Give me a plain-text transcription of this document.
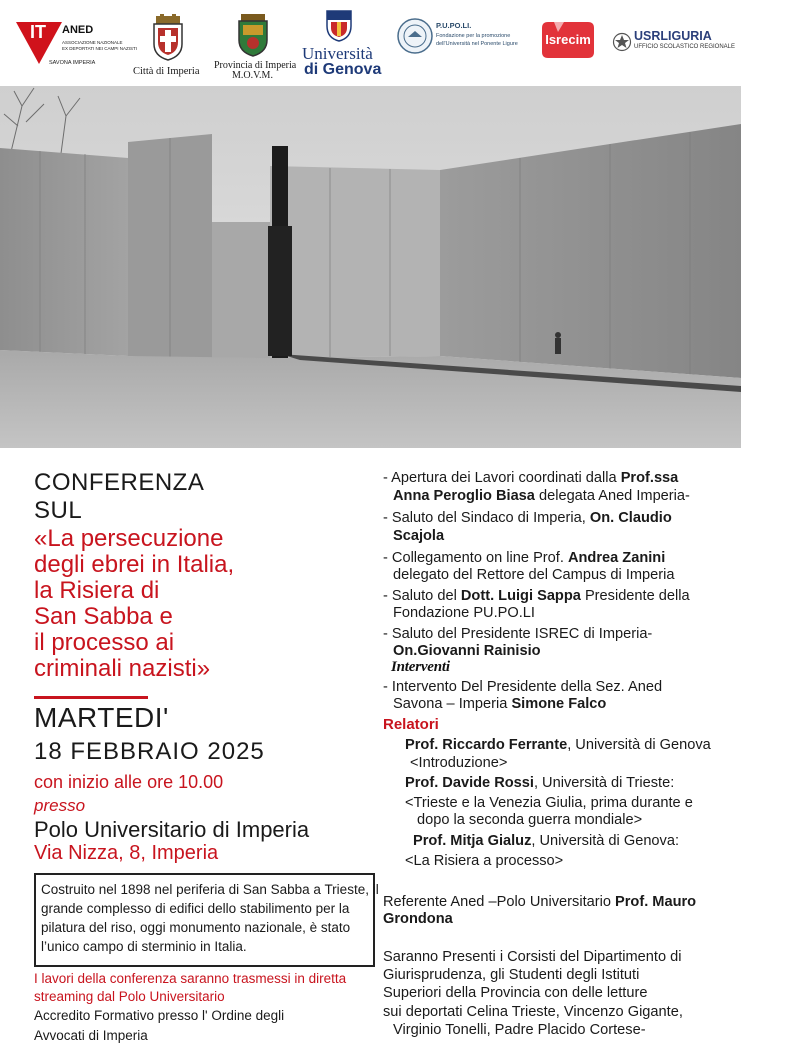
IT ANED
ASSOCIAZIONE NAZIONALE
EX DEPORTATI NEI CAMPI NAZISTI
SAVONA IMPERIA
Città di Imperia
Provincia di Imperia
M.O.V.M.
Università
di Genova
P.U.PO.LI.
Fondazione per la promozione
dell'Università nel Ponente Ligure	Isrecim	USRLIGURIA
UFFICIO SCOLASTICO REGIONALE
CONFERENZA
SUL
«La persecuzione
degli ebrei in Italia,
la Risiera di
San Sabba e
il processo ai
criminali nazisti»
MARTEDI'
18 FEBBRAIO 2025
con inizio alle ore 10.00
presso
Polo Universitario di Imperia
Via Nizza, 8, Imperia
Costruito nel 1898 nel periferia di San Sabba a Trieste, il
grande complesso di edifici dello stabilimento per la
pilatura del riso, oggi monumento nazionale, è stato
l’unico campo di sterminio in Italia.
I lavori della conferenza saranno trasmessi in diretta
streaming dal Polo Universitario
Accredito Formativo presso l' Ordine degli
Avvocati di Imperia
- Apertura dei Lavori coordinati dalla Prof.ssa
Anna Peroglio Biasa delegata Aned Imperia-
- Saluto del Sindaco di Imperia, On. Claudio
Scajola
- Collegamento on line Prof. Andrea Zanini
delegato del Rettore del Campus di Imperia
- Saluto del Dott. Luigi Sappa Presidente della
Fondazione PU.PO.LI
- Saluto del Presidente ISREC di Imperia-
On.Giovanni Rainisio
Interventi
- Intervento Del Presidente della Sez. Aned
Savona – Imperia Simone Falco
Relatori
Prof. Riccardo Ferrante, Università di Genova
<Introduzione>
Prof. Davide Rossi, Università di Trieste:
<Trieste e la Venezia Giulia, prima durante e
dopo la seconda guerra mondiale>
Prof. Mitja Gialuz, Università di Genova:
<La Risiera a processo>
Referente Aned –Polo Universitario Prof. Mauro
Grondona
Saranno Presenti i Corsisti del Dipartimento di
Giurisprudenza, gli Studenti degli Istituti
Superiori della Provincia con delle letture
sui deportati Celina Trieste, Vincenzo Gigante,
Virginio Tonelli, Padre Placido Cortese-
